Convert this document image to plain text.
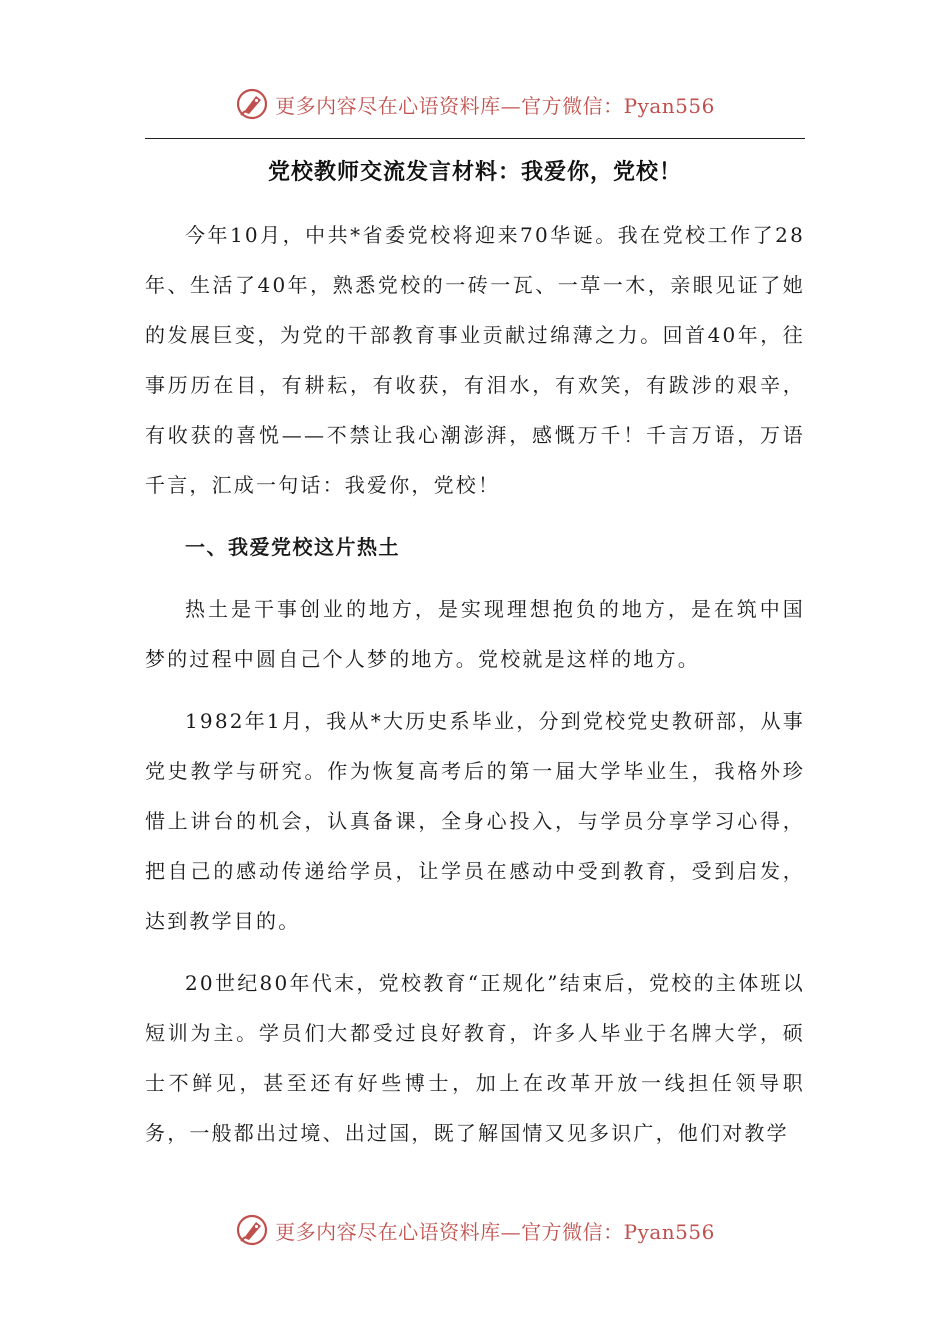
更多内容尽在心语资料库—官方微信：Pyan556
党校教师交流发言材料：我爱你，党校！

今年10月，中共*省委党校将迎来70华诞。我在党校工作了28年、生活了40年，熟悉党校的一砖一瓦、一草一木，亲眼见证了她的发展巨变，为党的干部教育事业贡献过绵薄之力。回首40年，往事历历在目，有耕耘，有收获，有泪水，有欢笑，有跋涉的艰辛，有收获的喜悦——不禁让我心潮澎湃，感慨万千！千言万语，万语千言，汇成一句话：我爱你，党校！

一、我爱党校这片热土

热土是干事创业的地方，是实现理想抱负的地方，是在筑中国梦的过程中圆自己个人梦的地方。党校就是这样的地方。

1982年1月，我从*大历史系毕业，分到党校党史教研部，从事党史教学与研究。作为恢复高考后的第一届大学毕业生，我格外珍惜上讲台的机会，认真备课，全身心投入，与学员分享学习心得，把自己的感动传递给学员，让学员在感动中受到教育，受到启发，达到教学目的。

20世纪80年代末，党校教育“正规化”结束后，党校的主体班以短训为主。学员们大都受过良好教育，许多人毕业于名牌大学，硕士不鲜见，甚至还有好些博士，加上在改革开放一线担任领导职务，一般都出过境、出过国，既了解国情又见多识广，他们对教学

更多内容尽在心语资料库—官方微信：Pyan556
